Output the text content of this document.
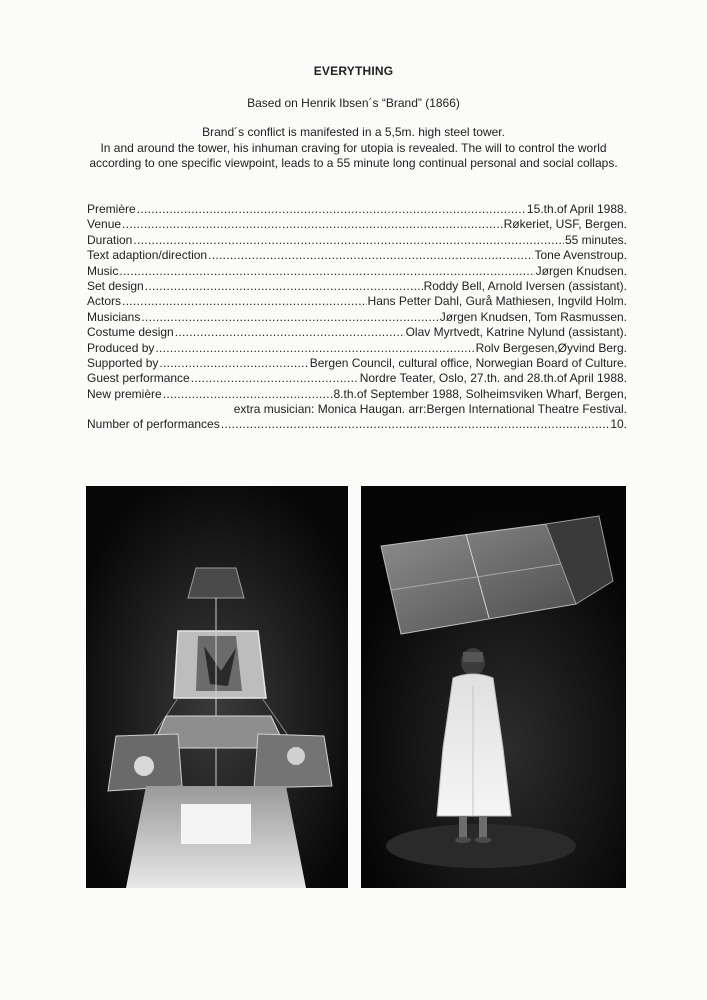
EVERYTHING
Based on Henrik Ibsen´s “Brand” (1866)
Brand´s conflict is manifested in a 5,5m. high steel tower.
In and around the tower, his inhuman craving for utopia is revealed. The will to control the world
according to one specific viewpoint, leads to a 55 minute long continual personal and social collaps.
Première .....	15.th.of April 1988.
Venue .....	Røkeriet, USF, Bergen.
Duration .....	55 minutes.
Text adaption/direction .....	Tone Avenstroup.
Music .....	Jørgen Knudsen.
Set design .....	Roddy Bell, Arnold Iversen (assistant).
Actors .....	Hans Petter Dahl, Gurå Mathiesen, Ingvild Holm.
Musicians .....	Jørgen Knudsen, Tom Rasmussen.
Costume design .....	Olav Myrtvedt, Katrine Nylund (assistant).
Produced by .....	Rolv Bergesen,Øyvind Berg.
Supported by .....	Bergen Council, cultural office, Norwegian Board of Culture.
Guest performance .....	Nordre Teater, Oslo, 27.th. and 28.th.of April 1988.
New première .....	8.th.of September 1988, Solheimsviken Wharf, Bergen,
extra musician: Monica Haugan. arr:Bergen International Theatre Festival.
Number of performances .....	10.
